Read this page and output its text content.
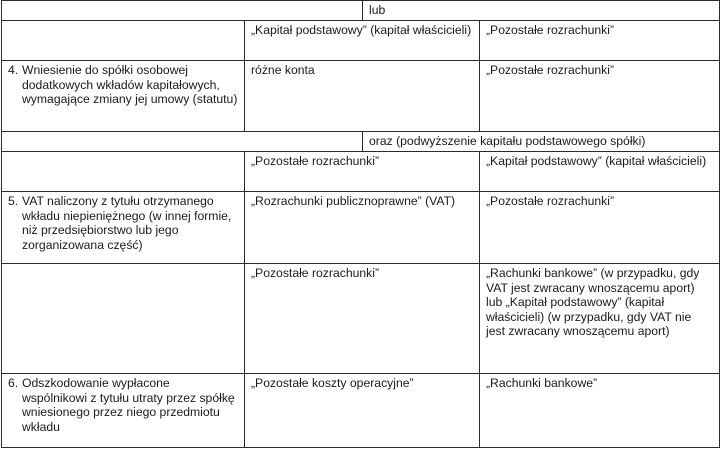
		lub	
	„Kapitał podstawowy” (kapitał właścicieli)		„Pozostałe rozrachunki”

4. Wniesienie do spółki osobowej dodatkowych wkładów kapitałowych, wymagające zmiany jej umowy (statutu)	różne konta		„Pozostałe rozrachunki”
		oraz (podwyższenie kapitału podstawowego spółki)	
	„Pozostałe rozrachunki”		„Kapitał podstawowy” (kapitał właścicieli)

5. VAT naliczony z tytułu otrzymanego wkładu niepieniężnego (w innej formie, niż przedsiębiorstwo lub jego zorganizowana część)	„Rozrachunki publicznoprawne” (VAT)		„Pozostałe rozrachunki”
	„Pozostałe rozrachunki”		„Rachunki bankowe” (w przypadku, gdy VAT jest zwracany wnoszącemu aport) lub „Kapitał podstawowy” (kapitał właścicieli) (w przypadku, gdy VAT nie jest zwracany wnoszącemu aport)

6. Odszkodowanie wypłacone wspólnikowi z tytułu utraty przez spółkę wniesionego przez niego przedmiotu wkładu	„Pozostałe koszty operacyjne”		„Rachunki bankowe”
